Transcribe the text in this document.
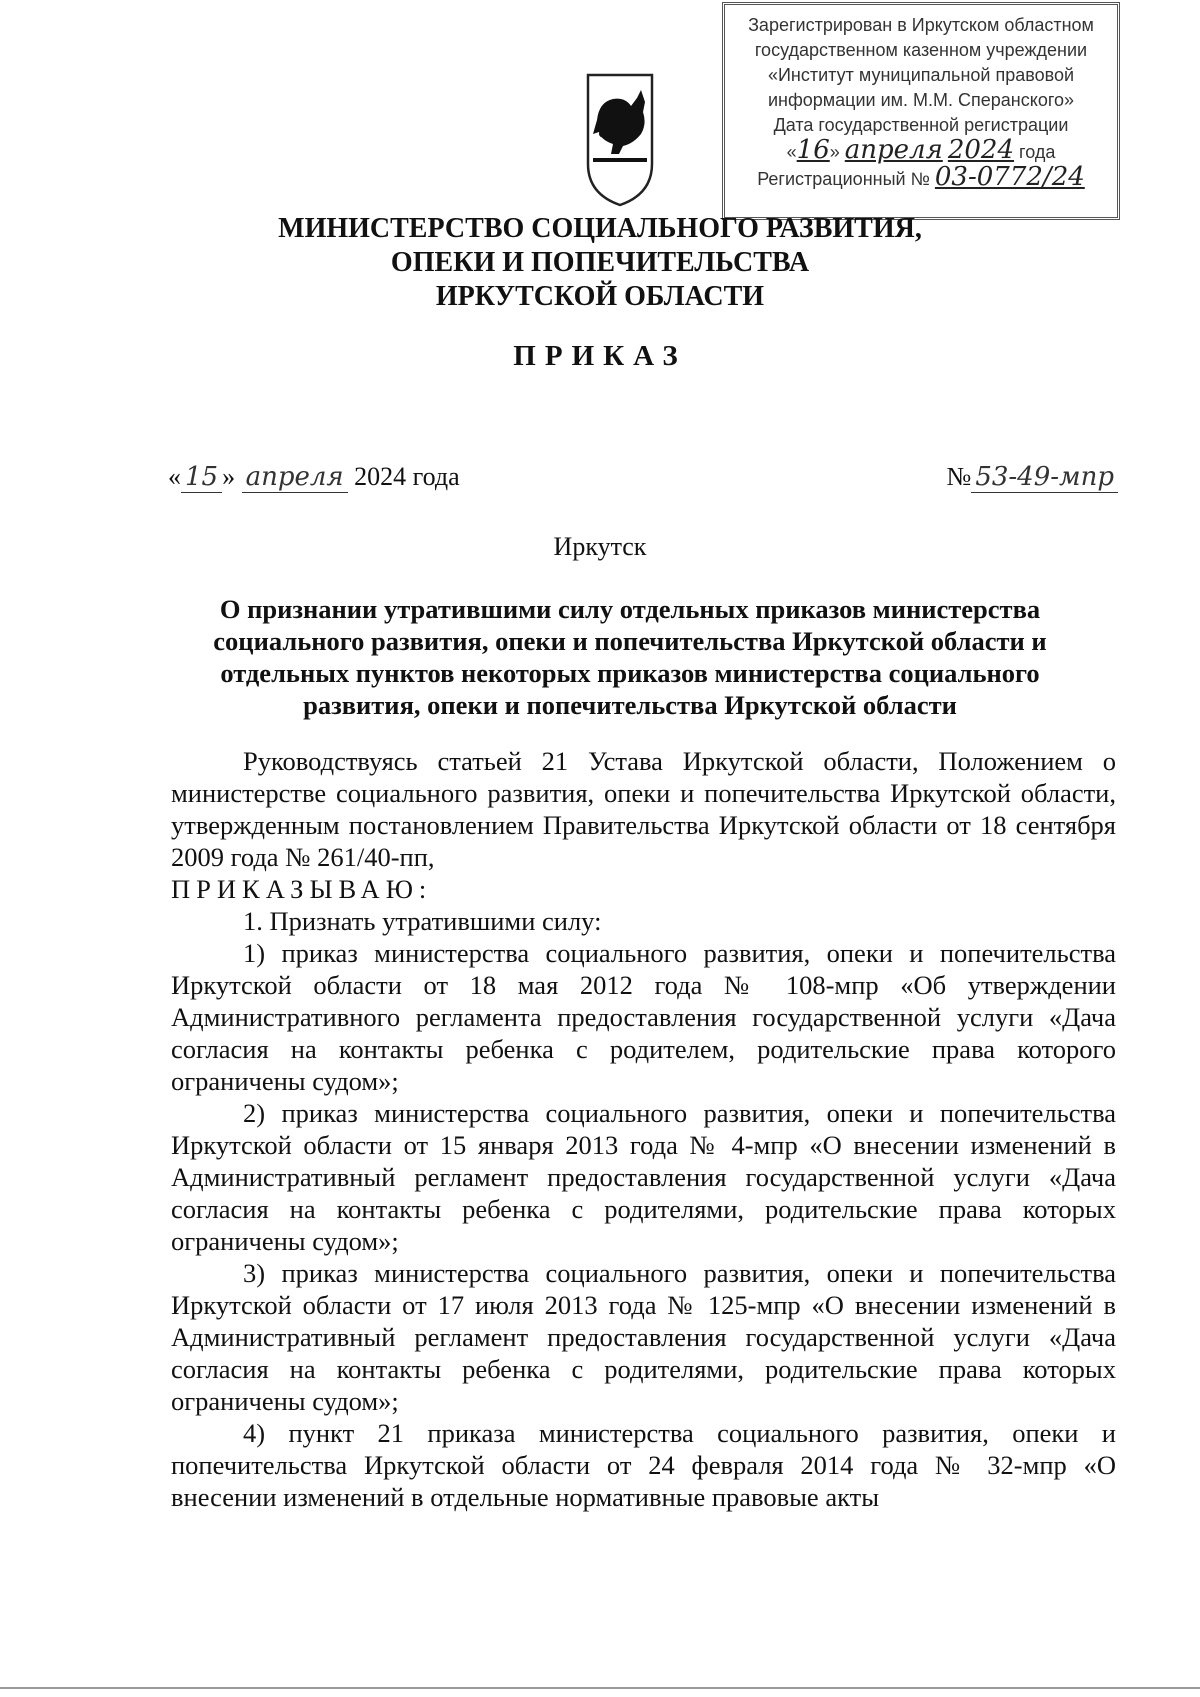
Зарегистрирован в Иркутском областном
государственном казенном учреждении
«Институт муниципальной правовой
информации им. М.М. Сперанского»
Дата государственной регистрации
«16» апреля 2024 года
Регистрационный № 03-0772/24
МИНИСТЕРСТВО СОЦИАЛЬНОГО РАЗВИТИЯ,
ОПЕКИ И ПОПЕЧИТЕЛЬСТВА
ИРКУТСКОЙ ОБЛАСТИ
ПРИКАЗ
« 15 » апреля 2024 года	№ 53-49-мпр
Иркутск
О признании утратившими силу отдельных приказов министерства социального развития, опеки и попечительства Иркутской области и отдельных пунктов некоторых приказов министерства социального развития, опеки и попечительства Иркутской области

Руководствуясь статьей 21 Устава Иркутской области, Положением о министерстве социального развития, опеки и попечительства Иркутской области, утвержденным постановлением Правительства Иркутской области от 18 сентября 2009 года № 261/40-пп,

ПРИКАЗЫВАЮ:

1. Признать утратившими силу:

1) приказ министерства социального развития, опеки и попечительства Иркутской области от 18 мая 2012 года № 108-мпр «Об утверждении Административного регламента предоставления государственной услуги «Дача согласия на контакты ребенка с родителем, родительские права которого ограничены судом»;

2) приказ министерства социального развития, опеки и попечительства Иркутской области от 15 января 2013 года № 4-мпр «О внесении изменений в Административный регламент предоставления государственной услуги «Дача согласия на контакты ребенка с родителями, родительские права которых ограничены судом»;

3) приказ министерства социального развития, опеки и попечительства Иркутской области от 17 июля 2013 года № 125-мпр «О внесении изменений в Административный регламент предоставления государственной услуги «Дача согласия на контакты ребенка с родителями, родительские права которых ограничены судом»;

4) пункт 21 приказа министерства социального развития, опеки и попечительства Иркутской области от 24 февраля 2014 года № 32-мпр «О внесении изменений в отдельные нормативные правовые акты
